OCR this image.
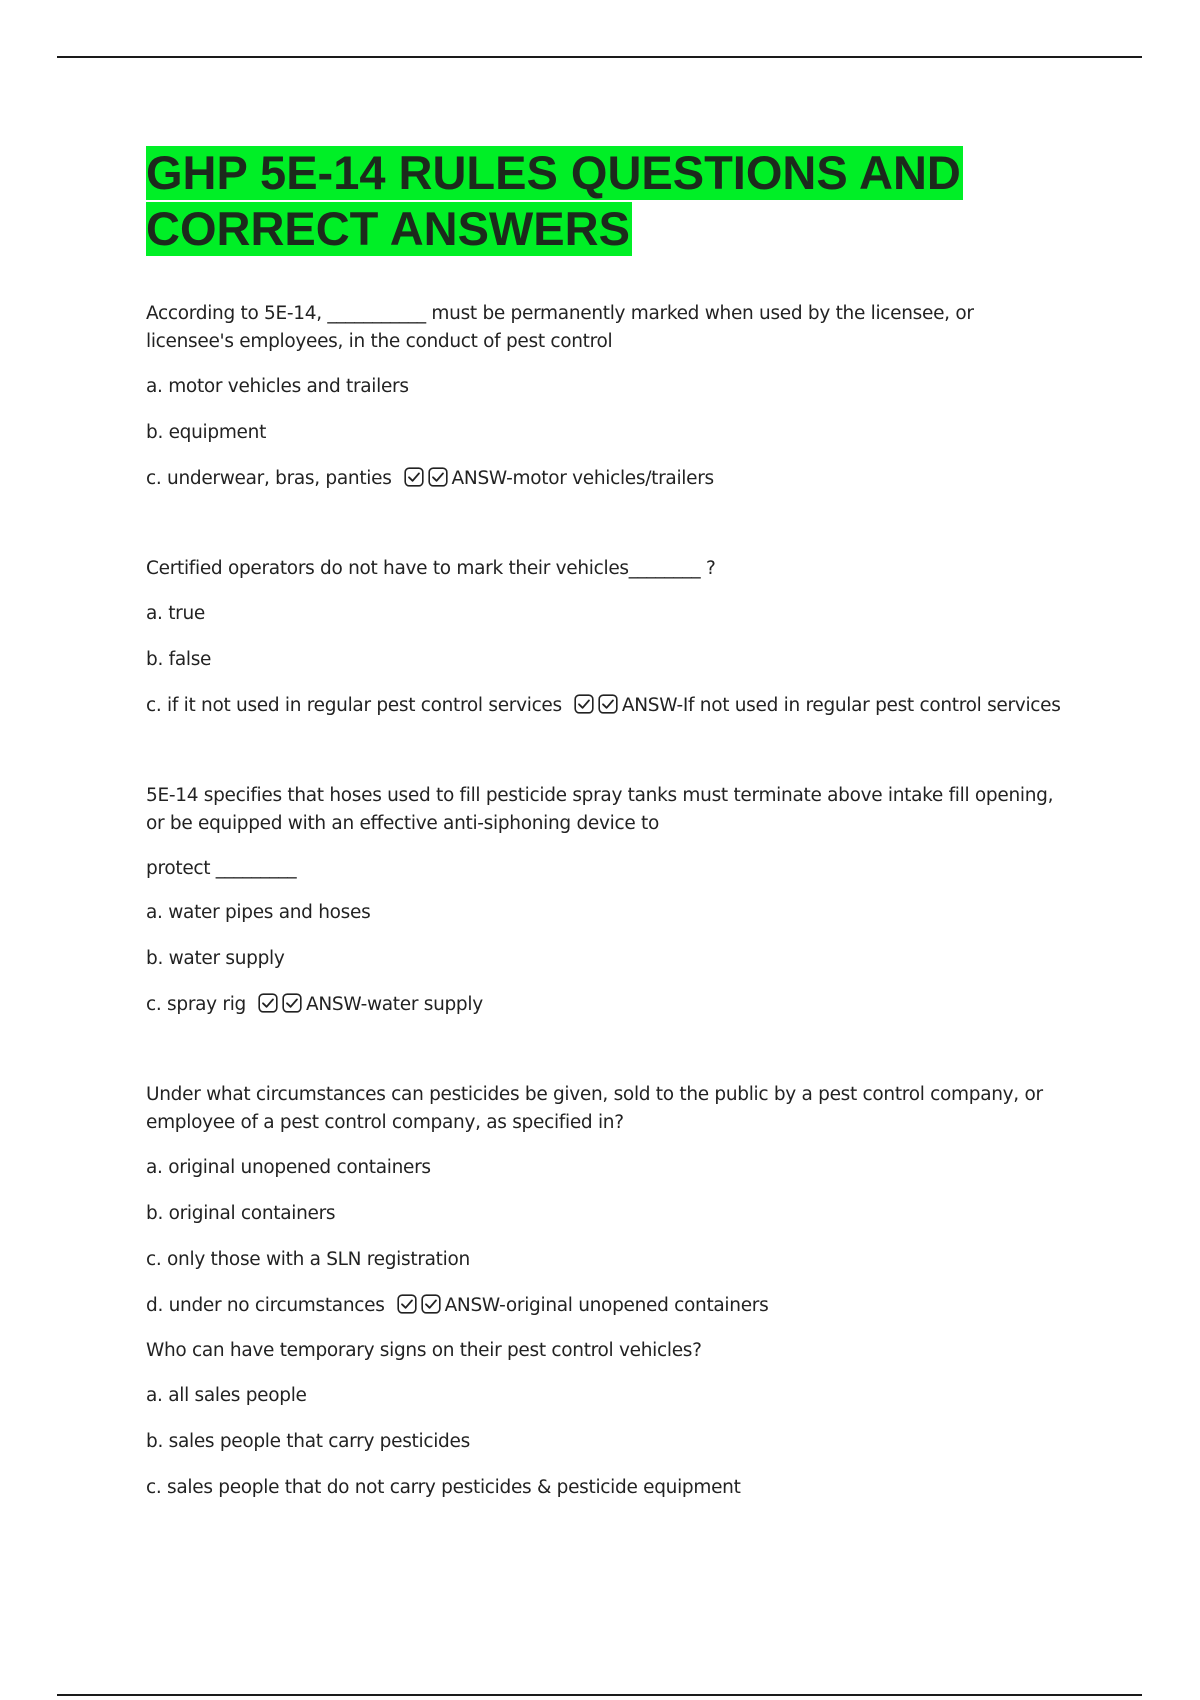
GHP 5E-14 RULES QUESTIONS AND CORRECT ANSWERS

According to 5E-14, ___________ must be permanently marked when used by the licensee, or licensee's employees, in the conduct of pest control

a. motor vehicles and trailers

b. equipment

c. underwear, bras, panties	ANSW-motor vehicles/trailers

Certified operators do not have to mark their vehicles________ ?

a. true

b. false

c. if it not used in regular pest control services	ANSW-If not used in regular pest control services

5E-14 specifies that hoses used to fill pesticide spray tanks must terminate above intake fill opening, or be equipped with an effective anti-siphoning device to

protect _________

a. water pipes and hoses

b. water supply

c. spray rig	ANSW-water supply

Under what circumstances can pesticides be given, sold to the public by a pest control company, or employee of a pest control company, as specified in?

a. original unopened containers

b. original containers

c. only those with a SLN registration

d. under no circumstances	ANSW-original unopened containers

Who can have temporary signs on their pest control vehicles?

a. all sales people

b. sales people that carry pesticides

c. sales people that do not carry pesticides & pesticide equipment
